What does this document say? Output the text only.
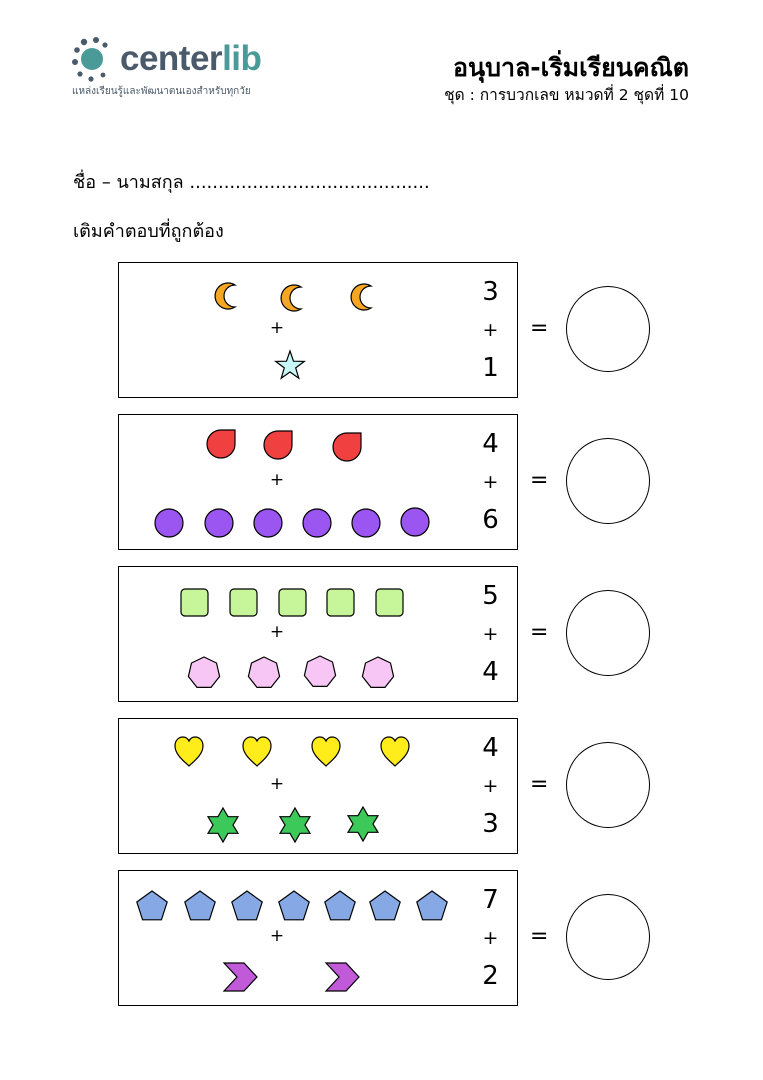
centerlib
แหล่งเรียนรู้และพัฒนาตนเองสำหรับทุกวัย
อนุบาล-เริ่มเรียนคณิต
ชุด : การบวกเลข หมวดที่ 2 ชุดที่ 10
ชื่อ – นามสกุล ..........................................
เติมคำตอบที่ถูกต้อง
+
3
+
1
=
+
4
+
6
=
+
5
+
4
=
+
4
+
3
=
+
7
+
2
=
